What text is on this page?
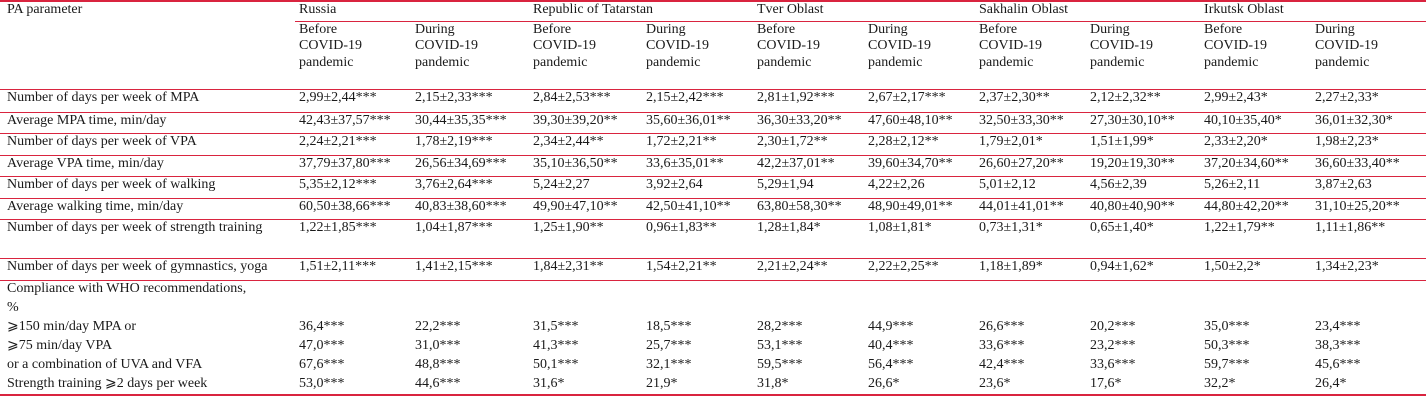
PA parameter	Russia		Republic of Tatarstan		Tver Oblast		Sakhalin Oblast		Irkutsk Oblast	

	Before
COVID-19
pandemic	During
COVID-19
pandemic	Before
COVID-19
pandemic	During
COVID-19
pandemic	Before
COVID-19
pandemic	During
COVID-19
pandemic	Before
COVID-19
pandemic	During
COVID-19
pandemic	Before
COVID-19
pandemic	During
COVID-19
pandemic

Number of days per week of MPA	2,99±2,44***	2,15±2,33***	2,84±2,53***	2,15±2,42***	2,81±1,92***	2,67±2,17***	2,37±2,30**	2,12±2,32**	2,99±2,43*	2,27±2,33*
Average MPA time, min/day	42,43±37,57***	30,44±35,35***	39,30±39,20**	35,60±36,01**	36,30±33,20**	47,60±48,10**	32,50±33,30**	27,30±30,10**	40,10±35,40*	36,01±32,30*
Number of days per week of VPA	2,24±2,21***	1,78±2,19***	2,34±2,44**	1,72±2,21**	2,30±1,72**	2,28±2,12**	1,79±2,01*	1,51±1,99*	2,33±2,20*	1,98±2,23*
Average VPA time, min/day	37,79±37,80***	26,56±34,69***	35,10±36,50**	33,6±35,01**	42,2±37,01**	39,60±34,70**	26,60±27,20**	19,20±19,30**	37,20±34,60**	36,60±33,40**
Number of days per week of walking	5,35±2,12***	3,76±2,64***	5,24±2,27	3,92±2,64	5,29±1,94	4,22±2,26	5,01±2,12	4,56±2,39	5,26±2,11	3,87±2,63
Average walking time, min/day	60,50±38,66***	40,83±38,60***	49,90±47,10**	42,50±41,10**	63,80±58,30**	48,90±49,01**	44,01±41,01**	40,80±40,90**	44,80±42,20**	31,10±25,20**
Number of days per week of strength training	1,22±1,85***	1,04±1,87***	1,25±1,90**	0,96±1,83**	1,28±1,84*	1,08±1,81*	0,73±1,31*	0,65±1,40*	1,22±1,79**	1,11±1,86**
Number of days per week of gymnastics, yoga	1,51±2,11***	1,41±2,15***	1,84±2,31**	1,54±2,21**	2,21±2,24**	2,22±2,25**	1,18±1,89*	0,94±1,62*	1,50±2,2*	1,34±2,23*
Compliance with WHO recommendations,										
%										
⩾150 min/day MPA or	36,4***	22,2***	31,5***	18,5***	28,2***	44,9***	26,6***	20,2***	35,0***	23,4***
⩾75 min/day VPA	47,0***	31,0***	41,3***	25,7***	53,1***	40,4***	33,6***	23,2***	50,3***	38,3***
or a combination of UVA and VFA	67,6***	48,8***	50,1***	32,1***	59,5***	56,4***	42,4***	33,6***	59,7***	45,6***
Strength training ⩾2 days per week	53,0***	44,6***	31,6*	21,9*	31,8*	26,6*	23,6*	17,6*	32,2*	26,4*
